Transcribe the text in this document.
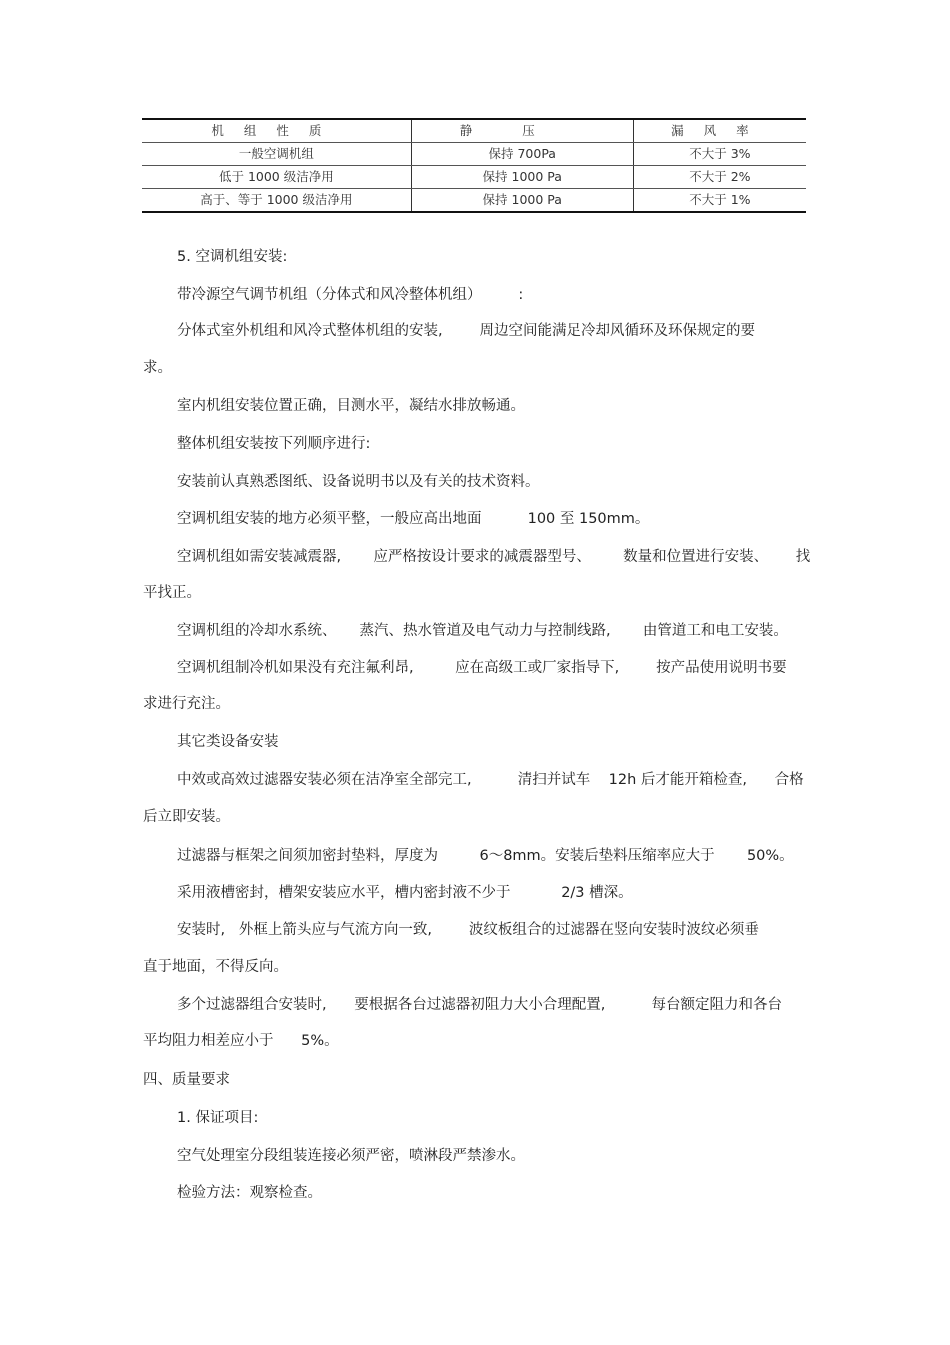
机组性质	静压	漏风率
一般空调机组	保持 700Pa	不大于 3%
低于 1000 级洁净用	保持 1000 Pa	不大于 2%
高于、等于 1000 级洁净用	保持 1000 Pa	不大于 1%
5. 空调机组安装:
带冷源空气调节机组（分体式和风冷整体机组）        :
分体式室外机组和风冷式整体机组的安装,        周边空间能满足冷却风循环及环保规定的要
求。
室内机组安装位置正确，目测水平，凝结水排放畅通。
整体机组安装按下列顺序进行:
安装前认真熟悉图纸、设备说明书以及有关的技术资料。
空调机组安装的地方必须平整，一般应高出地面          100 至 150mm。
空调机组如需安装减震器,       应严格按设计要求的减震器型号、       数量和位置进行安装、      找
平找正。
空调机组的冷却水系统、     蒸汽、热水管道及电气动力与控制线路,       由管道工和电工安装。
空调机组制冷机如果没有充注氟利昂,         应在高级工或厂家指导下,        按产品使用说明书要
求进行充注。
其它类设备安装
中效或高效过滤器安装必须在洁净室全部完工,          清扫并试车    12h 后才能开箱检查,      合格
后立即安装。
过滤器与框架之间须加密封垫料，厚度为         6～8mm。安装后垫料压缩率应大于       50%。
采用液槽密封，槽架安装应水平，槽内密封液不少于           2/3 槽深。
安装时,   外框上箭头应与气流方向一致,        波纹板组合的过滤器在竖向安装时波纹必须垂
直于地面，不得反向。
多个过滤器组合安装时,      要根据各台过滤器初阻力大小合理配置,          每台额定阻力和各台
平均阻力相差应小于      5%。
四、质量要求
1. 保证项目:
空气处理室分段组装连接必须严密，喷淋段严禁渗水。
检验方法：观察检查。
